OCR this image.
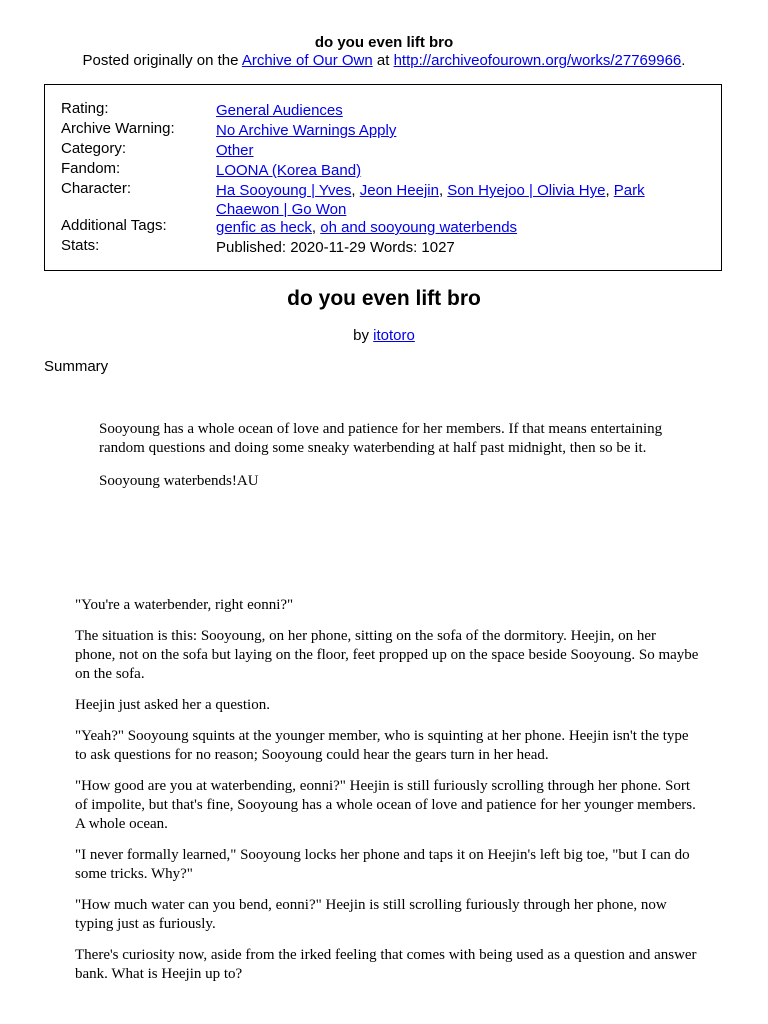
do you even lift bro
Posted originally on the Archive of Our Own at http://archiveofourown.org/works/27769966.
Rating:	General Audiences
Archive Warning:	No Archive Warnings Apply
Category:	Other
Fandom:	LOONA (Korea Band)
Character:	Ha Sooyoung | Yves, Jeon Heejin, Son Hyejoo | Olivia Hye, Park Chaewon | Go Won
Additional Tags:	genfic as heck, oh and sooyoung waterbends
Stats:	Published: 2020-11-29 Words: 1027
do you even lift bro
by itotoro
Summary

Sooyoung has a whole ocean of love and patience for her members. If that means entertaining random questions and doing some sneaky waterbending at half past midnight, then so be it.

Sooyoung waterbends!AU

"You're a waterbender, right eonni?"

The situation is this: Sooyoung, on her phone, sitting on the sofa of the dormitory. Heejin, on her phone, not on the sofa but laying on the floor, feet propped up on the space beside Sooyoung. So maybe on the sofa.

Heejin just asked her a question.

"Yeah?" Sooyoung squints at the younger member, who is squinting at her phone. Heejin isn't the type to ask questions for no reason; Sooyoung could hear the gears turn in her head.

"How good are you at waterbending, eonni?" Heejin is still furiously scrolling through her phone. Sort of impolite, but that's fine, Sooyoung has a whole ocean of love and patience for her younger members. A whole ocean.

"I never formally learned," Sooyoung locks her phone and taps it on Heejin's left big toe, "but I can do some tricks. Why?"

"How much water can you bend, eonni?" Heejin is still scrolling furiously through her phone, now typing just as furiously.

There's curiosity now, aside from the irked feeling that comes with being used as a question and answer bank. What is Heejin up to?
